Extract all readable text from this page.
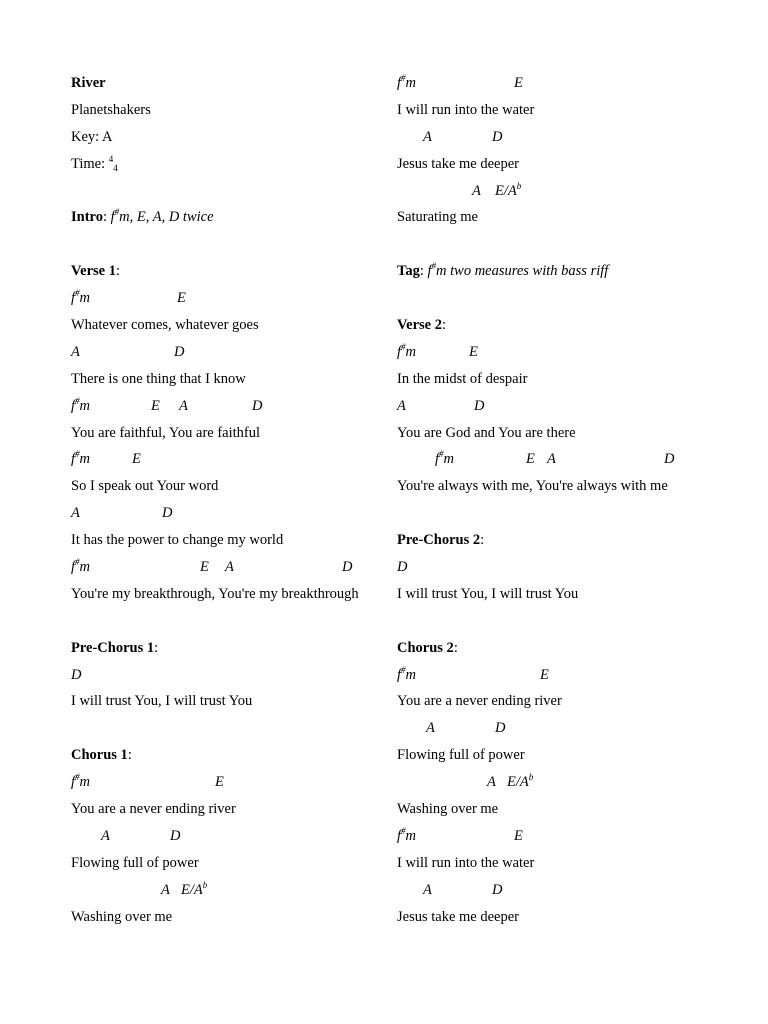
River
Planetshakers
Key: A
Time: $^4_4$
Intro: f#m, E, A, D twice
Verse 1:
f#m	E
Whatever comes, whatever goes
A	D
There is one thing that I know
f#m	E A	D
You are faithful, You are faithful
f#m	E
So I speak out Your word
A	D
It has the power to change my world
f#m	E A	D
You're my breakthrough, You're my breakthrough
Pre-Chorus 1:
D
I will trust You, I will trust You
Chorus 1:
f#m	E
You are a never ending river
A	D
Flowing full of power
A $E/A^b$
Washing over me
f#m	E
I will run into the water
A	D
Jesus take me deeper
A $E/A^b$
Saturating me
Tag: f#m two measures with bass riff
Verse 2:
f#m	E
In the midst of despair
A	D
You are God and You are there
f#m	E A	D
You're always with me, You're always with me
Pre-Chorus 2:
D
I will trust You, I will trust You
Chorus 2:
f#m	E
You are a never ending river
A	D
Flowing full of power
A $E/A^b$
Washing over me
f#m	E
I will run into the water
A	D
Jesus take me deeper
